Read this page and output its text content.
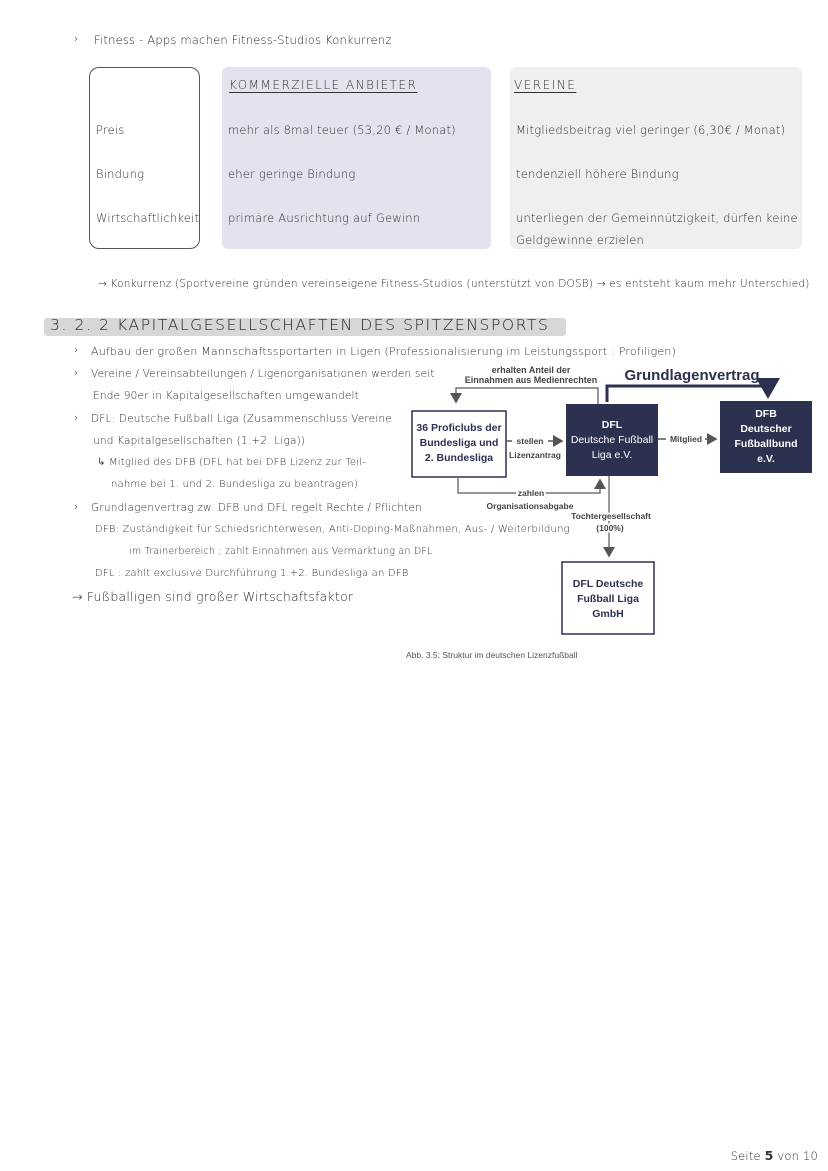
› Fitness - Apps machen Fitness-Studios Konkurrenz
KOMMERZIELLE ANBIETER	VEREINE
Preis
Bindung
Wirtschaftlichkeit
mehr als 8mal teuer (53,20 € / Monat)
eher geringe Bindung
primäre Ausrichtung auf Gewinn
Mitgliedsbeitrag viel geringer (6,30€ / Monat)
tendenziell höhere Bindung
unterliegen der Gemeinnützigkeit, dürfen keine
Geldgewinne erzielen
→ Konkurrenz (Sportvereine gründen vereinseigene Fitness-Studios (unterstützt von DOSB) → es entsteht kaum mehr Unterschied)
3. 2. 2 KAPITALGESELLSCHAFTEN DES SPITZENSPORTS
› Aufbau der großen Mannschaftssportarten in Ligen (Professionalisierung im Leistungssport : Profiligen)
› Vereine / Vereinsabteilungen / Ligenorganisationen werden seit
Ende 90er in Kapitalgesellschaften umgewandelt
› DFL: Deutsche Fußball Liga (Zusammenschluss Vereine
und Kapitalgesellschaften (1.+2. Liga))
↳ Mitglied des DFB (DFL hat bei DFB Lizenz zur Teil-
nahme bei 1. und 2. Bundesliga zu beantragen)
› Grundlagenvertrag zw. DFB und DFL regelt Rechte / Pflichten
DFB: Zuständigkeit für Schiedsrichterwesen, Anti-Doping-Maßnahmen, Aus- / Weiterbildung
im Trainerbereich ; zahlt Einnahmen aus Vermarktung an DFL
DFL : zahlt exclusive Durchführung 1.+2. Bundesliga an DFB
→ Fußballigen sind großer Wirtschaftsfaktor
erhalten Anteil der
Einnahmen aus Medienrechten Grundlagenvertrag
36 Proficlubs der
Bundesliga und
2. Bundesliga
stellen
Lizenzantrag
DFL
Deutsche Fußball
Liga e.V.
Mitglied
DFB
Deutscher
Fußballbund
e.V.
zahlen
Organisationsabgabe
Tochtergesellschaft
(100%)
DFL Deutsche
Fußball Liga
GmbH
Abb. 3.5: Struktur im deutschen Lizenzfußball
Seite 5 von 10
